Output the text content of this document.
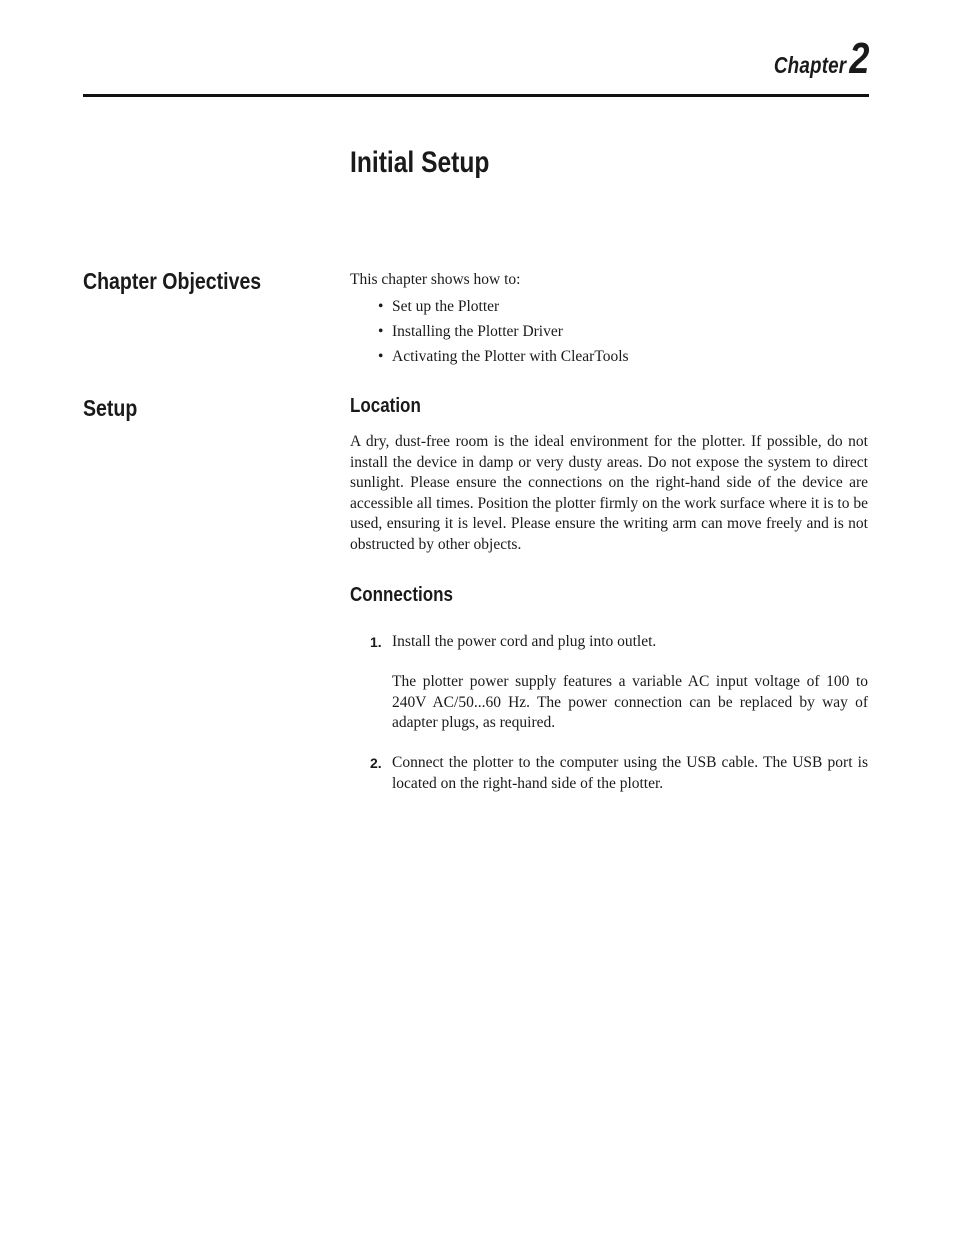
Chapter 2
Initial Setup
Chapter Objectives	This chapter shows how to:
• Set up the Plotter
• Installing the Plotter Driver
• Activating the Plotter with ClearTools
Setup	Location
A dry, dust-free room is the ideal environment for the plotter. If possible, do not install the device in damp or very dusty areas. Do not expose the system to direct sunlight. Please ensure the connections on the right-hand side of the device are accessible all times. Position the plotter firmly on the work surface where it is to be used, ensuring it is level. Please ensure the writing arm can move freely and is not obstructed by other objects.
Connections
1. Install the power cord and plug into outlet.
The plotter power supply features a variable AC input voltage of 100 to 240V AC/50...60 Hz. The power connection can be replaced by way of adapter plugs, as required.
2. Connect the plotter to the computer using the USB cable. The USB port is located on the right-hand side of the plotter.
